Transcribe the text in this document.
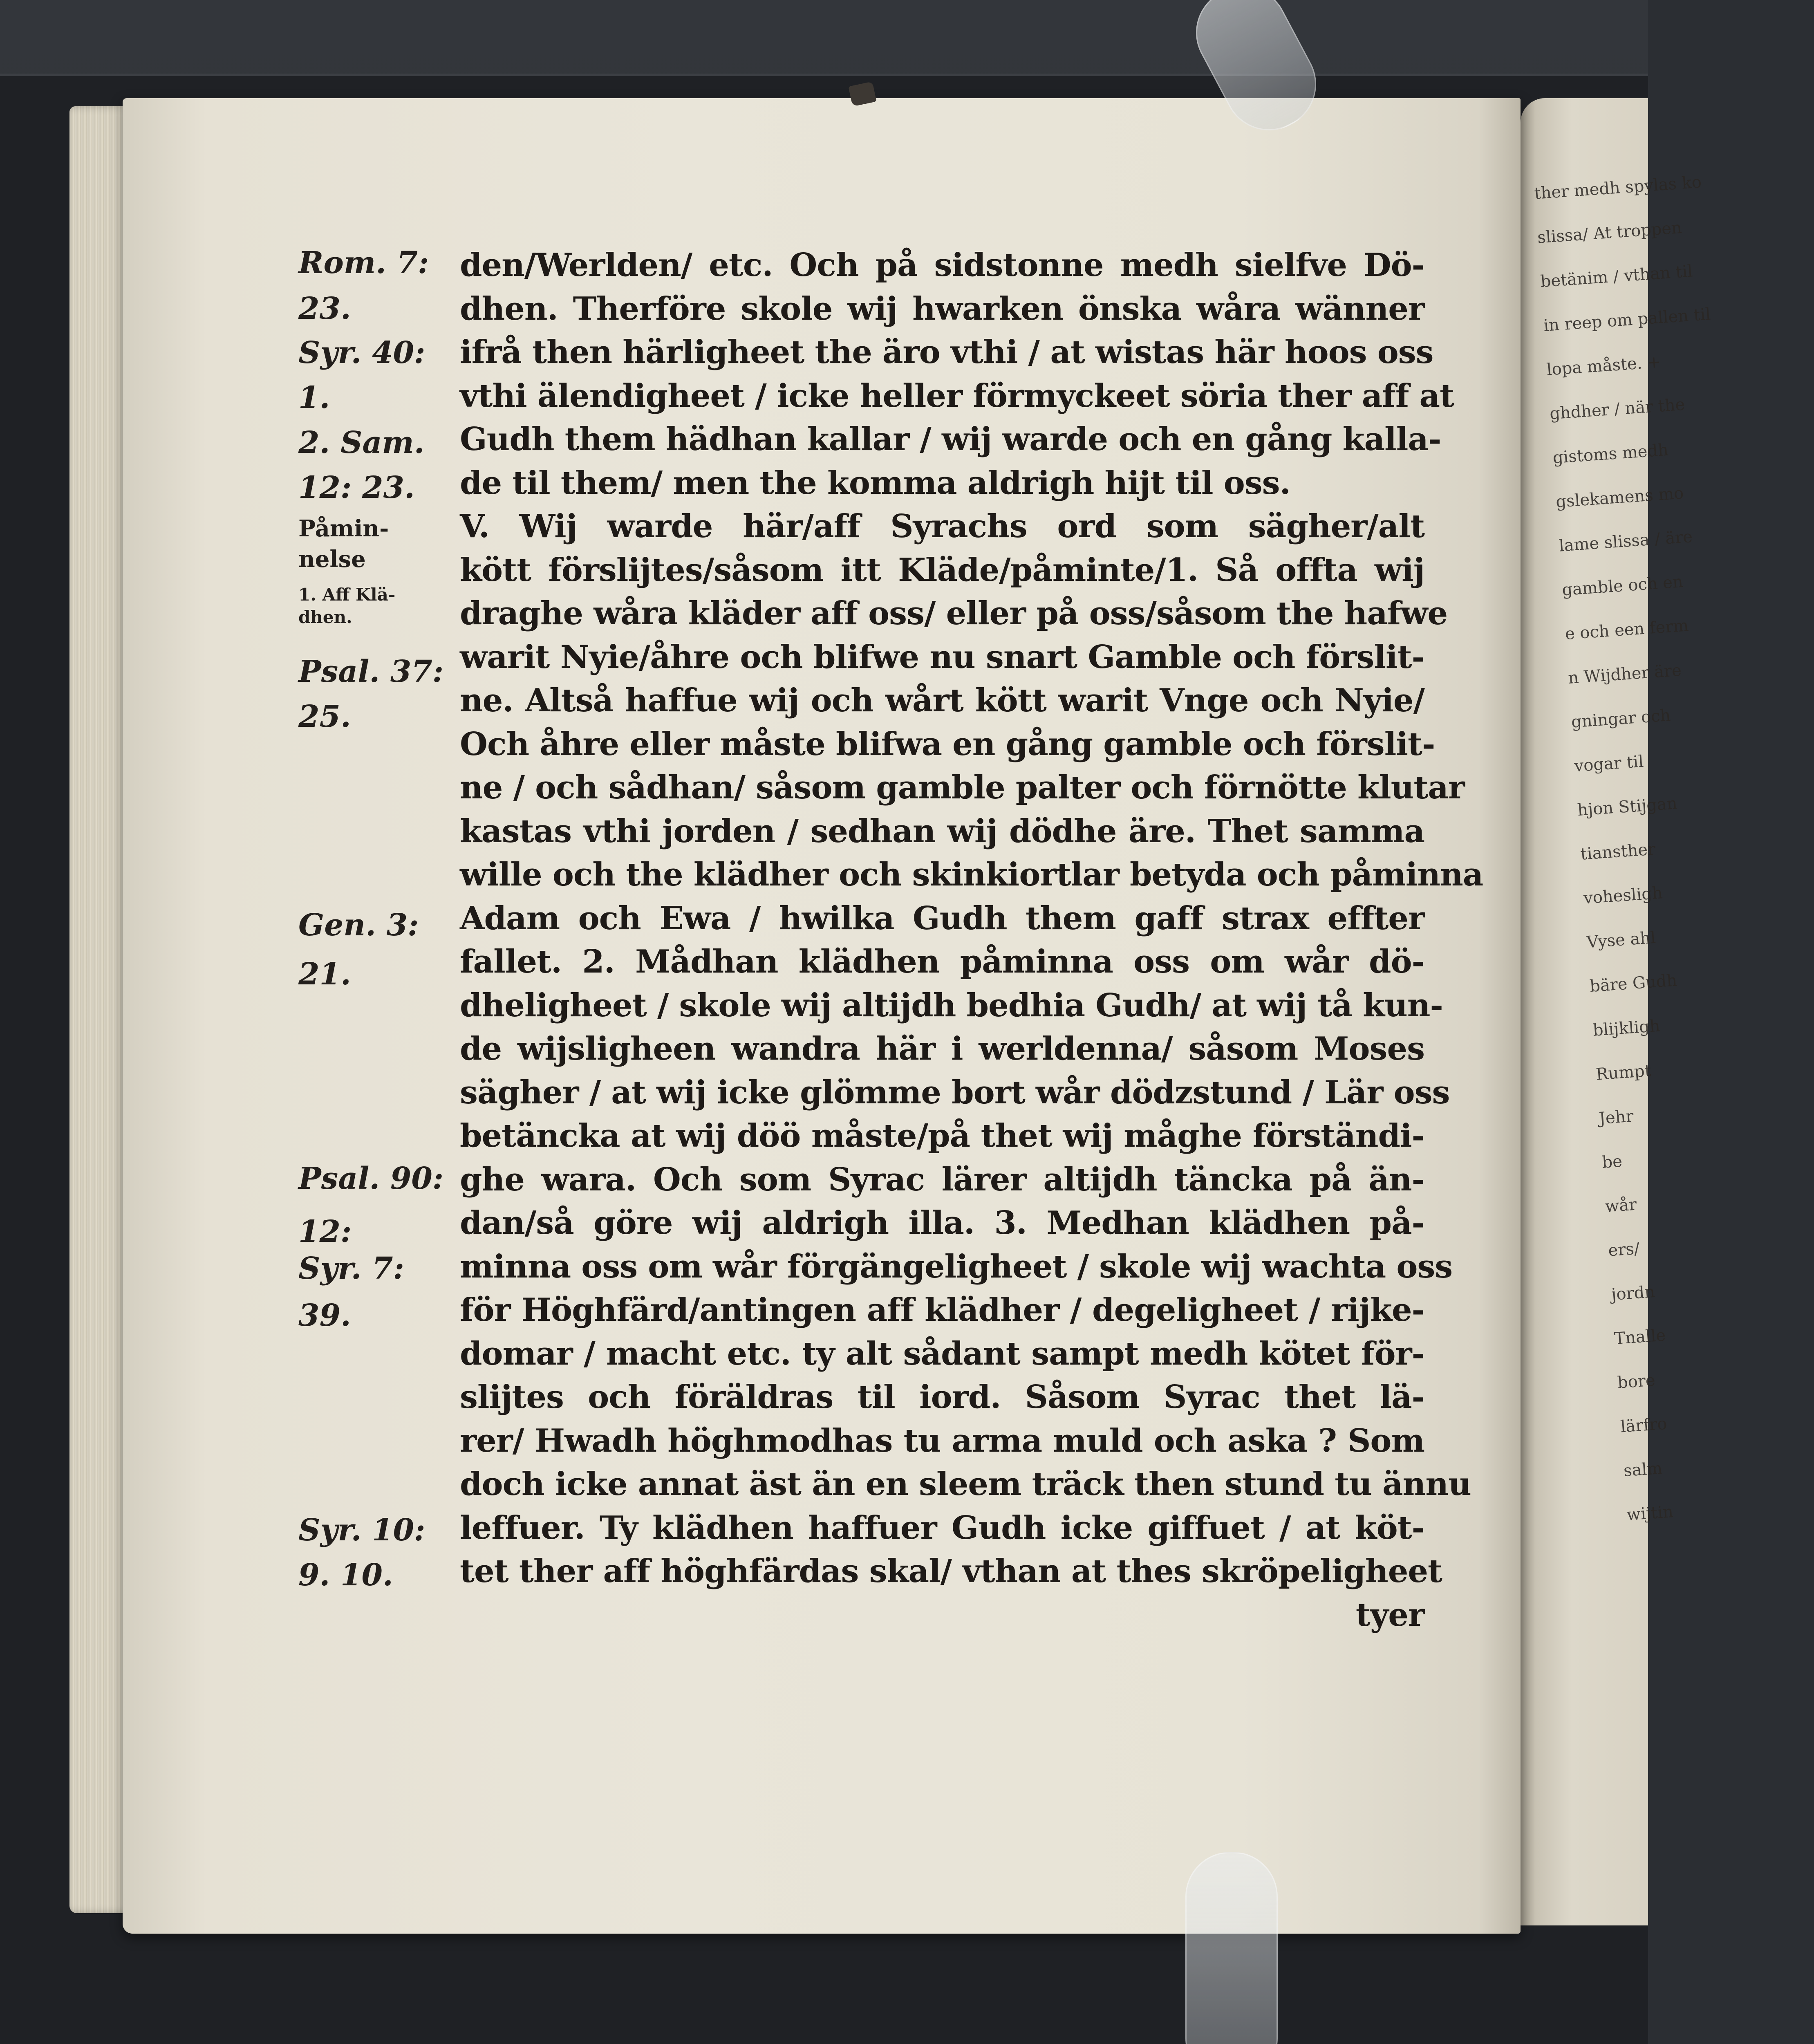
ther medh spylas ko
slissa/ At troppen
betänim / vthan til
in reep om pallen til
lopa måste. +
ghdher / när the
gistoms medh
gslekamens mo
lame slissa / äre
gamble och en
e och een ferm
n Wijdher äre
gningar och
vogar til
hjon Stijgan
tiansther
vohesligh
Vyse ahl
bäre Gudh
blijkligh
Rumpt
Jehr
be
wår
ers/
jordn
Tnalle
bore
lärfro
salm
wijtin
Rom. 7:
23.
Syr. 40:
1.
2. Sam.
12: 23.
Påmin-
nelse
1. Aff Klä-
dhen.
Psal. 37:
25.
Gen. 3:
21.
Psal. 90:
12:
Syr. 7:
39.
Syr. 10:
9. 10.
den/Werlden/ etc. Och på sidstonne medh sielfve Dö-
dhen. Therföre skole wij hwarken önska wåra wänner
ifrå then härligheet the äro vthi / at wistas här hoos oss
vthi älendigheet / icke heller förmyckeet söria ther aff at
Gudh them hädhan kallar / wij warde och en gång kalla-
de til them/ men the komma aldrigh hijt til oss.
V. Wij warde här/aff Syrachs ord som sägher/alt
kött förslijtes/såsom itt Kläde/påminte/1. Så offta wij
draghe wåra kläder aff oss/ eller på oss/såsom the hafwe
warit Nyie/åhre och blifwe nu snart Gamble och förslit-
ne. Altså haffue wij och wårt kött warit Vnge och Nyie/
Och åhre eller måste blifwa en gång gamble och förslit-
ne / och sådhan/ såsom gamble palter och förnötte klutar
kastas vthi jorden / sedhan wij dödhe äre. Thet samma
wille och the klädher och skinkiortlar betyda och påminna
Adam och Ewa / hwilka Gudh them gaff strax effter
fallet. 2. Mådhan klädhen påminna oss om wår dö-
dheligheet / skole wij altijdh bedhia Gudh/ at wij tå kun-
de wijsligheen wandra här i werldenna/ såsom Moses
sägher / at wij icke glömme bort wår dödzstund / Lär oss
betäncka at wij döö måste/på thet wij måghe förständi-
ghe wara. Och som Syrac lärer altijdh täncka på än-
dan/så göre wij aldrigh illa. 3. Medhan klädhen på-
minna oss om wår förgängeligheet / skole wij wachta oss
för Höghfärd/antingen aff klädher / degeligheet / rijke-
domar / macht etc. ty alt sådant sampt medh kötet för-
slijtes och föräldras til iord. Såsom Syrac thet lä-
rer/ Hwadh höghmodhas tu arma muld och aska ? Som
doch icke annat äst än en sleem träck then stund tu ännu
leffuer. Ty klädhen haffuer Gudh icke giffuet / at köt-
tet ther aff höghfärdas skal/ vthan at thes skröpeligheet
tyer
